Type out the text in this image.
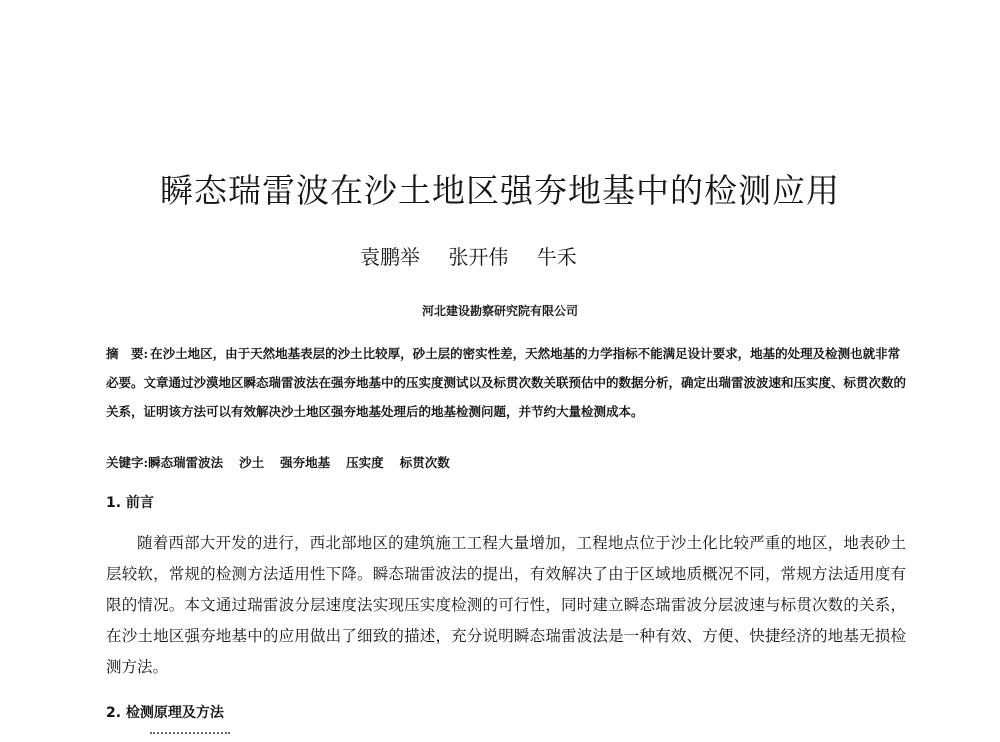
瞬态瑞雷波在沙土地区强夯地基中的检测应用
袁鹏举 张开伟 牛禾
河北建设勘察研究院有限公司
摘　要: 在沙土地区，由于天然地基表层的沙土比较厚，砂土层的密实性差，天然地基的力学指标不能满足设计要求，地基的处理及检测也就非常必要。文章通过沙漠地区瞬态瑞雷波法在强夯地基中的压实度测试以及标贯次数关联预估中的数据分析，确定出瑞雷波波速和压实度、标贯次数的关系，证明该方法可以有效解决沙土地区强夯地基处理后的地基检测问题，并节约大量检测成本。
关键字:瞬态瑞雷波法 沙土 强夯地基 压实度 标贯次数
1. 前言
随着西部大开发的进行，西北部地区的建筑施工工程大量增加，工程地点位于沙土化比较严重的地区，地表砂土层较软，常规的检测方法适用性下降。瞬态瑞雷波法的提出，有效解决了由于区域地质概况不同，常规方法适用度有限的情况。本文通过瑞雷波分层速度法实现压实度检测的可行性，同时建立瞬态瑞雷波分层波速与标贯次数的关系，在沙土地区强夯地基中的应用做出了细致的描述，充分说明瞬态瑞雷波法是一种有效、方便、快捷经济的地基无损检测方法。
2. 检测原理及方法
